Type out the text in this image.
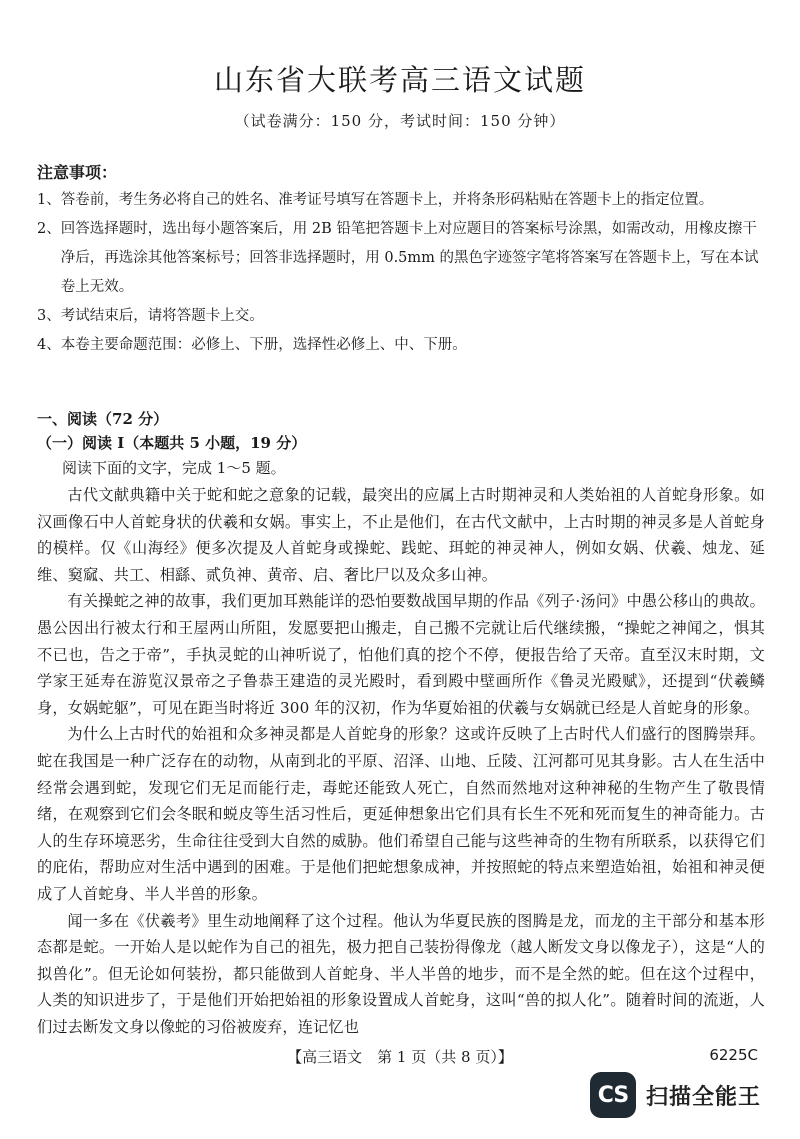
山东省大联考高三语文试题
（试卷满分：150 分，考试时间：150 分钟）
注意事项：
1、 答卷前，考生务必将自己的姓名、准考证号填写在答题卡上，并将条形码粘贴在答题卡上的指定位置。
2、 回答选择题时，选出每小题答案后，用 2B 铅笔把答题卡上对应题目的答案标号涂黑，如需改动，用橡皮擦干净后，再选涂其他答案标号；回答非选择题时，用 0.5mm 的黑色字迹签字笔将答案写在答题卡上，写在本试卷上无效。
3、 考试结束后，请将答题卡上交。
4、 本卷主要命题范围：必修上、下册，选择性必修上、中、下册。
一、阅读（72 分）
（一）阅读 I（本题共 5 小题，19 分）
阅读下面的文字，完成 1～5 题。

古代文献典籍中关于蛇和蛇之意象的记载，最突出的应属上古时期神灵和人类始祖的人首蛇身形象。如汉画像石中人首蛇身状的伏羲和女娲。事实上，不止是他们，在古代文献中，上古时期的神灵多是人首蛇身的模样。仅《山海经》便多次提及人首蛇身或操蛇、践蛇、珥蛇的神灵神人，例如女娲、伏羲、烛龙、延维、窫窳、共工、相繇、贰负神、黄帝、启、奢比尸以及众多山神。

有关操蛇之神的故事，我们更加耳熟能详的恐怕要数战国早期的作品《列子·汤问》中愚公移山的典故。愚公因出行被太行和王屋两山所阻，发愿要把山搬走，自己搬不完就让后代继续搬，“操蛇之神闻之，惧其不已也，告之于帝”，手执灵蛇的山神听说了，怕他们真的挖个不停，便报告给了天帝。直至汉末时期，文学家王延寿在游览汉景帝之子鲁恭王建造的灵光殿时，看到殿中壁画所作《鲁灵光殿赋》，还提到“伏羲鳞身，女娲蛇躯”，可见在距当时将近 300 年的汉初，作为华夏始祖的伏羲与女娲就已经是人首蛇身的形象。

为什么上古时代的始祖和众多神灵都是人首蛇身的形象？这或许反映了上古时代人们盛行的图腾崇拜。蛇在我国是一种广泛存在的动物，从南到北的平原、沼泽、山地、丘陵、江河都可见其身影。古人在生活中经常会遇到蛇，发现它们无足而能行走，毒蛇还能致人死亡，自然而然地对这种神秘的生物产生了敬畏情绪，在观察到它们会冬眠和蜕皮等生活习性后，更延伸想象出它们具有长生不死和死而复生的神奇能力。古人的生存环境恶劣，生命往往受到大自然的威胁。他们希望自己能与这些神奇的生物有所联系，以获得它们的庇佑，帮助应对生活中遇到的困难。于是他们把蛇想象成神，并按照蛇的特点来塑造始祖，始祖和神灵便成了人首蛇身、半人半兽的形象。

闻一多在《伏羲考》里生动地阐释了这个过程。他认为华夏民族的图腾是龙，而龙的主干部分和基本形态都是蛇。一开始人是以蛇作为自己的祖先，极力把自己装扮得像龙（越人断发文身以像龙子），这是“人的拟兽化”。但无论如何装扮，都只能做到人首蛇身、半人半兽的地步，而不是全然的蛇。但在这个过程中，人类的知识进步了，于是他们开始把始祖的形象设置成人首蛇身，这叫“兽的拟人化”。随着时间的流逝，人们过去断发文身以像蛇的习俗被废弃，连记忆也

【高三语文　第 1 页（共 8 页）】	6225C
CS 扫描全能王
